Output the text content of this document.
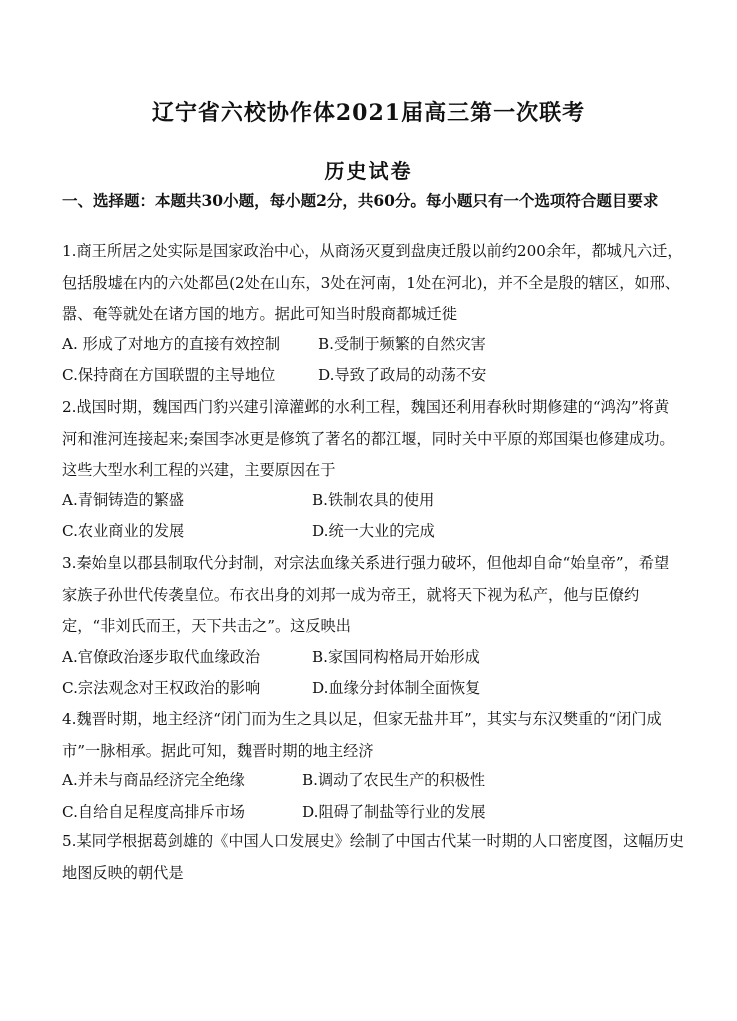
辽宁省六校协作体2021届高三第一次联考
历史试卷
一、选择题：本题共30小题，每小题2分，共60分。每小题只有一个选项符合题目要求
1.商王所居之处实际是国家政治中心，从商汤灭夏到盘庚迁殷以前约200余年，都城凡六迁，包括殷墟在内的六处都邑(2处在山东，3处在河南，1处在河北)，并不全是殷的辖区，如邢、嚣、奄等就处在诸方国的地方。据此可知当时殷商都城迁徙
A. 形成了对地方的直接有效控制 B.受制于频繁的自然灾害
C.保持商在方国联盟的主导地位	D.导致了政局的动荡不安
2.战国时期，魏国西门豹兴建引漳灌邺的水利工程，魏国还利用春秋时期修建的“鸿沟”将黄河和淮河连接起来;秦国李冰更是修筑了著名的都江堰，同时关中平原的郑国渠也修建成功。这些大型水利工程的兴建，主要原因在于
A.青铜铸造的繁盛	B.铁制农具的使用
C.农业商业的发展	D.统一大业的完成
3.秦始皇以郡县制取代分封制，对宗法血缘关系进行强力破坏，但他却自命“始皇帝”，希望家族子孙世代传袭皇位。布衣出身的刘邦一成为帝王，就将天下视为私产，他与臣僚约定，“非刘氏而王，天下共击之”。这反映出
A.官僚政治逐步取代血缘政治	B.家国同构格局开始形成
C.宗法观念对王权政治的影响	D.血缘分封体制全面恢复
4.魏晋时期，地主经济“闭门而为生之具以足，但家无盐井耳”，其实与东汉樊重的“闭门成市”一脉相承。据此可知，魏晋时期的地主经济
A.并未与商品经济完全绝缘	B.调动了农民生产的积极性
C.自给自足程度高排斥市场	D.阻碍了制盐等行业的发展
5.某同学根据葛剑雄的《中国人口发展史》绘制了中国古代某一时期的人口密度图，这幅历史地图反映的朝代是
